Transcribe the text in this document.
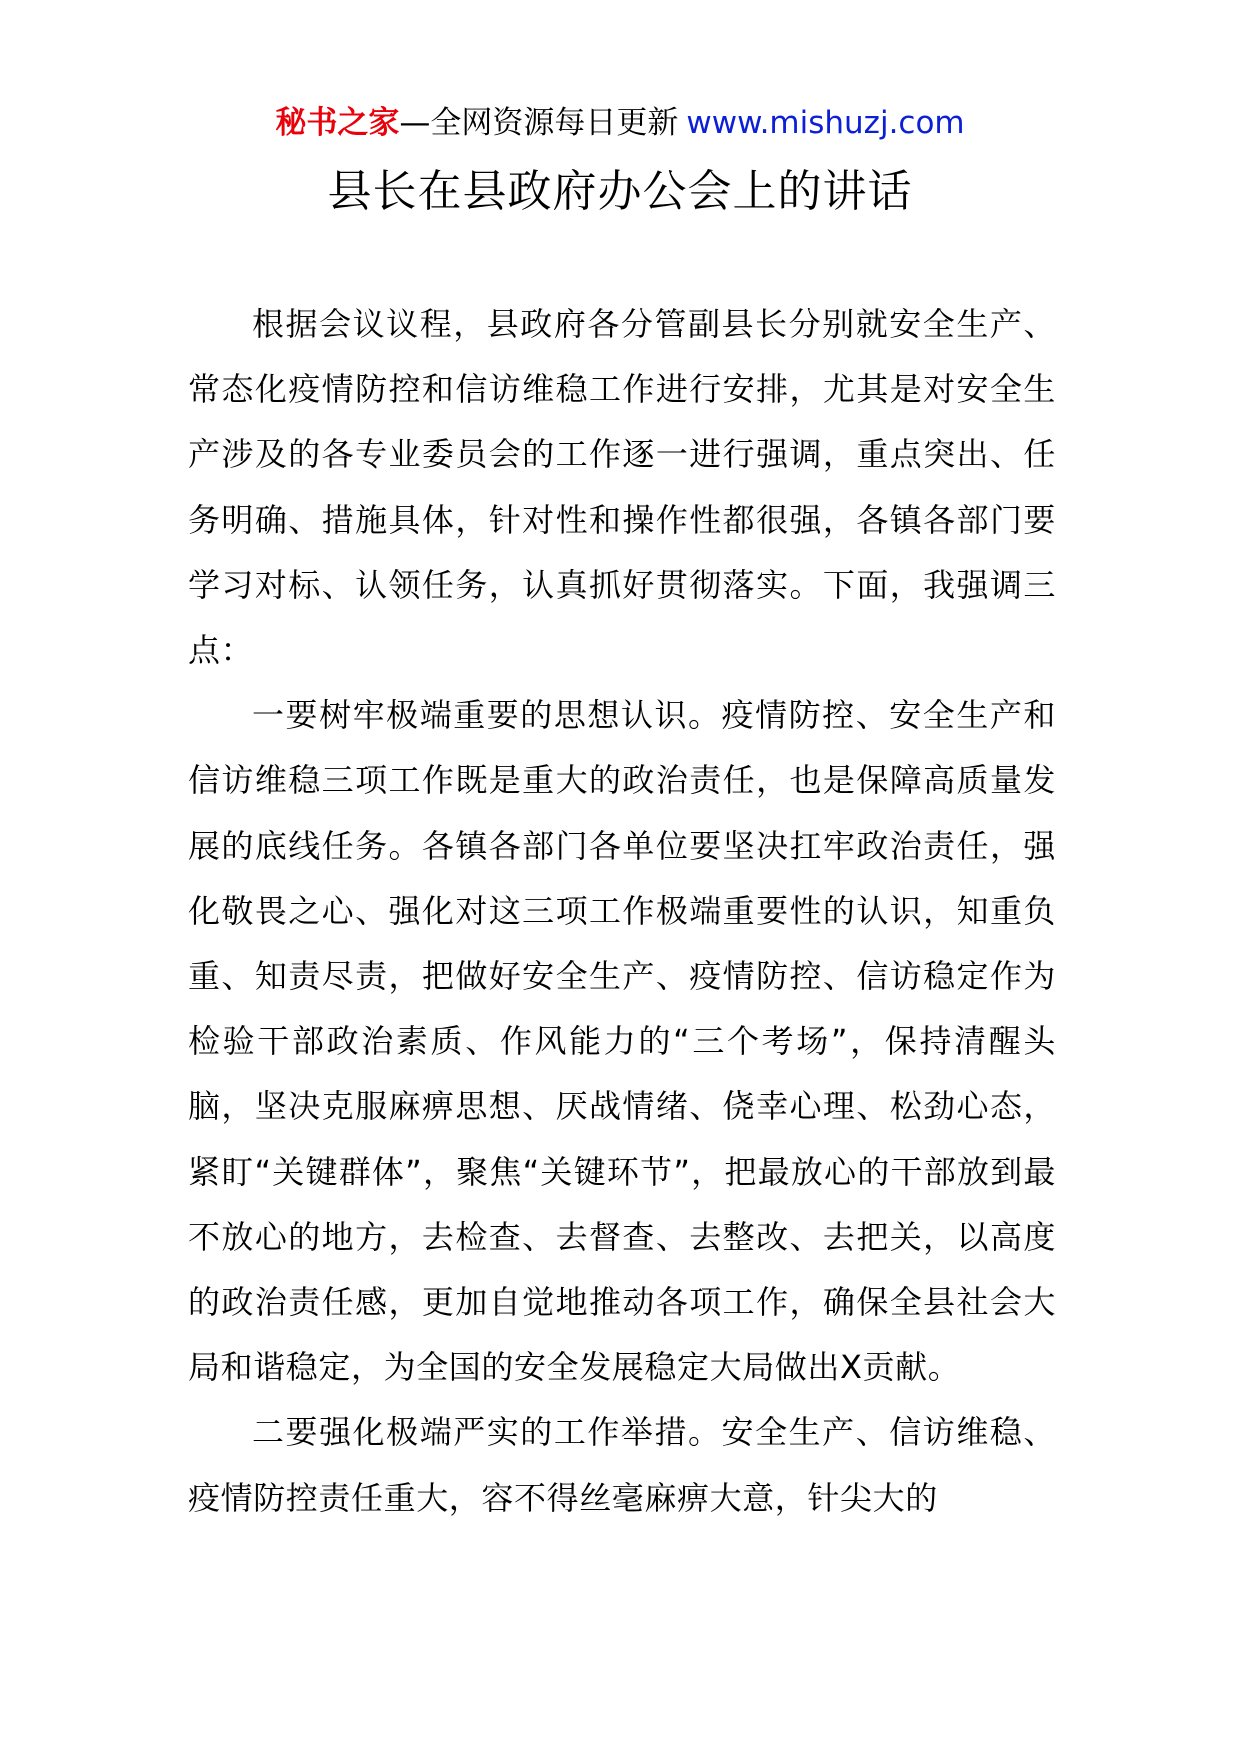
秘书之家—全网资源每日更新 www.mishuzj.com
县长在县政府办公会上的讲话

根据会议议程，县政府各分管副县长分别就安全生产、常态化疫情防控和信访维稳工作进行安排，尤其是对安全生产涉及的各专业委员会的工作逐一进行强调，重点突出、任务明确、措施具体，针对性和操作性都很强，各镇各部门要学习对标、认领任务，认真抓好贯彻落实。下面，我强调三点：

一要树牢极端重要的思想认识。疫情防控、安全生产和信访维稳三项工作既是重大的政治责任，也是保障高质量发展的底线任务。各镇各部门各单位要坚决扛牢政治责任，强化敬畏之心、强化对这三项工作极端重要性的认识，知重负重、知责尽责，把做好安全生产、疫情防控、信访稳定作为检验干部政治素质、作风能力的“三个考场”，保持清醒头脑，坚决克服麻痹思想、厌战情绪、侥幸心理、松劲心态，紧盯“关键群体”，聚焦“关键环节”，把最放心的干部放到最不放心的地方，去检查、去督查、去整改、去把关，以高度的政治责任感，更加自觉地推动各项工作，确保全县社会大局和谐稳定，为全国的安全发展稳定大局做出X贡献。

二要强化极端严实的工作举措。安全生产、信访维稳、疫情防控责任重大，容不得丝毫麻痹大意，针尖大的
